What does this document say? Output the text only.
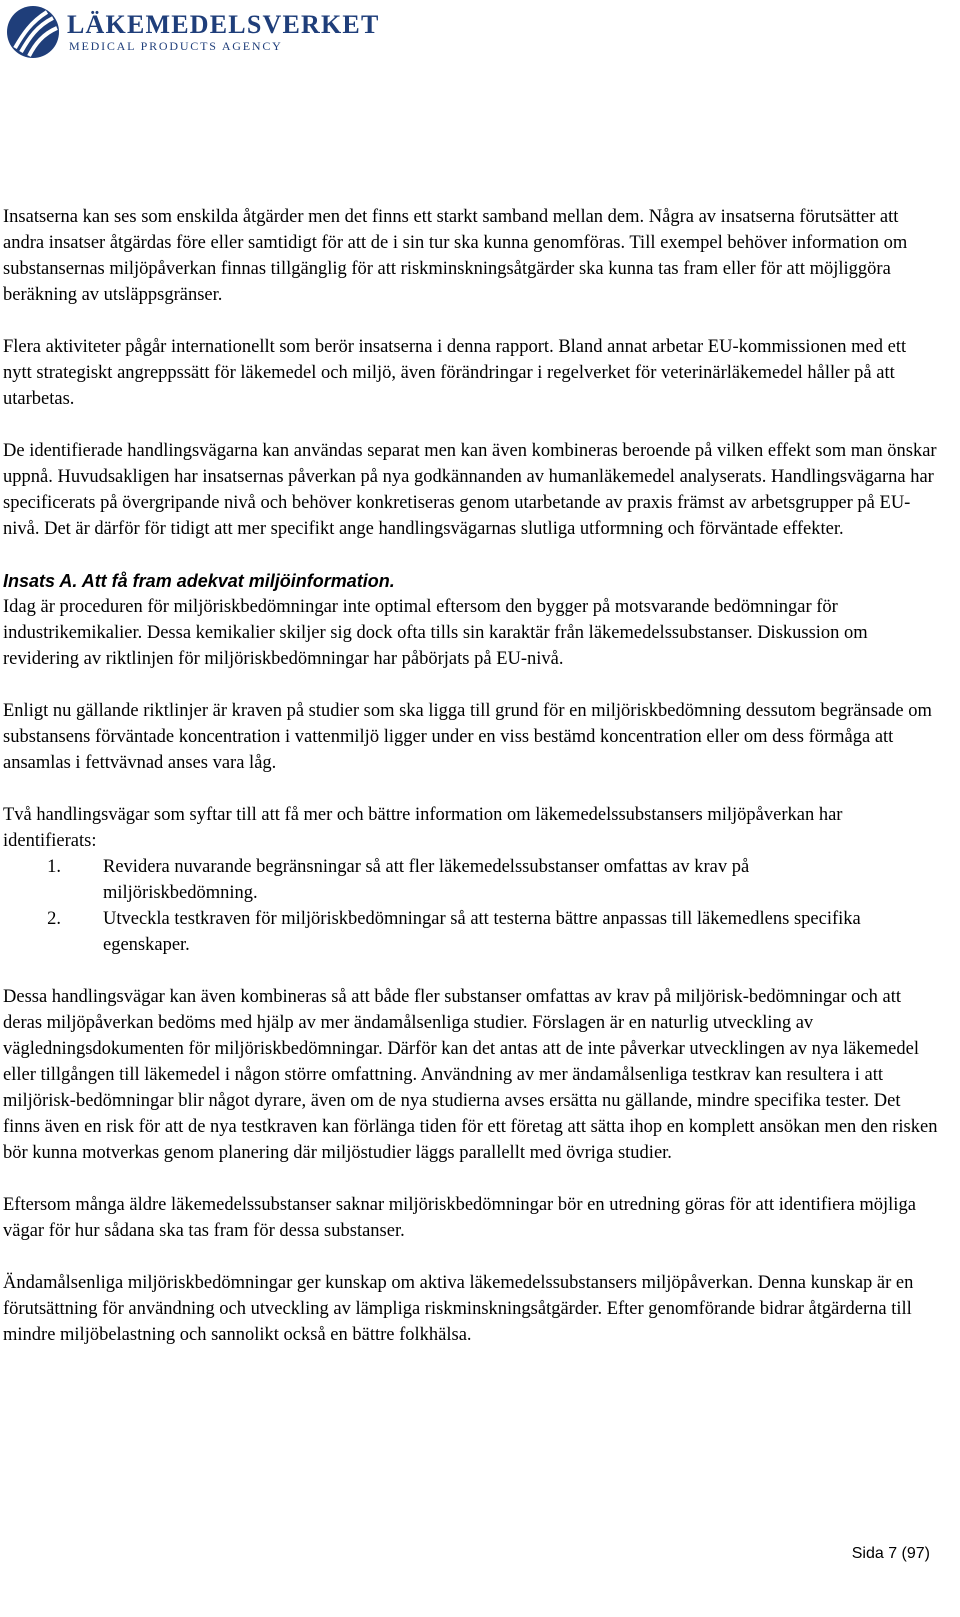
LÄKEMEDELSVERKET
MEDICAL PRODUCTS AGENCY

Insatserna kan ses som enskilda åtgärder men det finns ett starkt samband mellan dem. Några av insatserna förutsätter att andra insatser åtgärdas före eller samtidigt för att de i sin tur ska kunna genomföras. Till exempel behöver information om substansernas miljöpåverkan finnas tillgänglig för att riskminskningsåtgärder ska kunna tas fram eller för att möjliggöra beräkning av utsläppsgränser.

Flera aktiviteter pågår internationellt som berör insatserna i denna rapport. Bland annat arbetar EU-kommissionen med ett nytt strategiskt angreppssätt för läkemedel och miljö, även förändringar i regelverket för veterinärläkemedel håller på att utarbetas.

De identifierade handlingsvägarna kan användas separat men kan även kombineras beroende på vilken effekt som man önskar uppnå. Huvudsakligen har insatsernas påverkan på nya godkännanden av humanläkemedel analyserats. Handlingsvägarna har specificerats på övergripande nivå och behöver konkretiseras genom utarbetande av praxis främst av arbetsgrupper på EU-nivå. Det är därför för tidigt att mer specifikt ange handlingsvägarnas slutliga utformning och förväntade effekter.

Insats A. Att få fram adekvat miljöinformation.

Idag är proceduren för miljöriskbedömningar inte optimal eftersom den bygger på motsvarande bedömningar för industrikemikalier. Dessa kemikalier skiljer sig dock ofta tills sin karaktär från läkemedelssubstanser. Diskussion om revidering av riktlinjen för miljöriskbedömningar har påbörjats på EU-nivå.

Enligt nu gällande riktlinjer är kraven på studier som ska ligga till grund för en miljöriskbedömning dessutom begränsade om substansens förväntade koncentration i vattenmiljö ligger under en viss bestämd koncentration eller om dess förmåga att ansamlas i fettvävnad anses vara låg.

Två handlingsvägar som syftar till att få mer och bättre information om läkemedelssubstansers miljöpåverkan har identifierats:

1.	Revidera nuvarande begränsningar så att fler läkemedelssubstanser omfattas av krav på miljöriskbedömning.
2.	Utveckla testkraven för miljöriskbedömningar så att testerna bättre anpassas till läkemedlens specifika egenskaper.

Dessa handlingsvägar kan även kombineras så att både fler substanser omfattas av krav på miljörisk-bedömningar och att deras miljöpåverkan bedöms med hjälp av mer ändamålsenliga studier. Förslagen är en naturlig utveckling av vägledningsdokumenten för miljöriskbedömningar. Därför kan det antas att de inte påverkar utvecklingen av nya läkemedel eller tillgången till läkemedel i någon större omfattning. Användning av mer ändamålsenliga testkrav kan resultera i att miljörisk-bedömningar blir något dyrare, även om de nya studierna avses ersätta nu gällande, mindre specifika tester. Det finns även en risk för att de nya testkraven kan förlänga tiden för ett företag att sätta ihop en komplett ansökan men den risken bör kunna motverkas genom planering där miljöstudier läggs parallellt med övriga studier.

Eftersom många äldre läkemedelssubstanser saknar miljöriskbedömningar bör en utredning göras för att identifiera möjliga vägar för hur sådana ska tas fram för dessa substanser.

Ändamålsenliga miljöriskbedömningar ger kunskap om aktiva läkemedelssubstansers miljöpåverkan. Denna kunskap är en förutsättning för användning och utveckling av lämpliga riskminskningsåtgärder. Efter genomförande bidrar åtgärderna till mindre miljöbelastning och sannolikt också en bättre folkhälsa.

Sida 7 (97)
